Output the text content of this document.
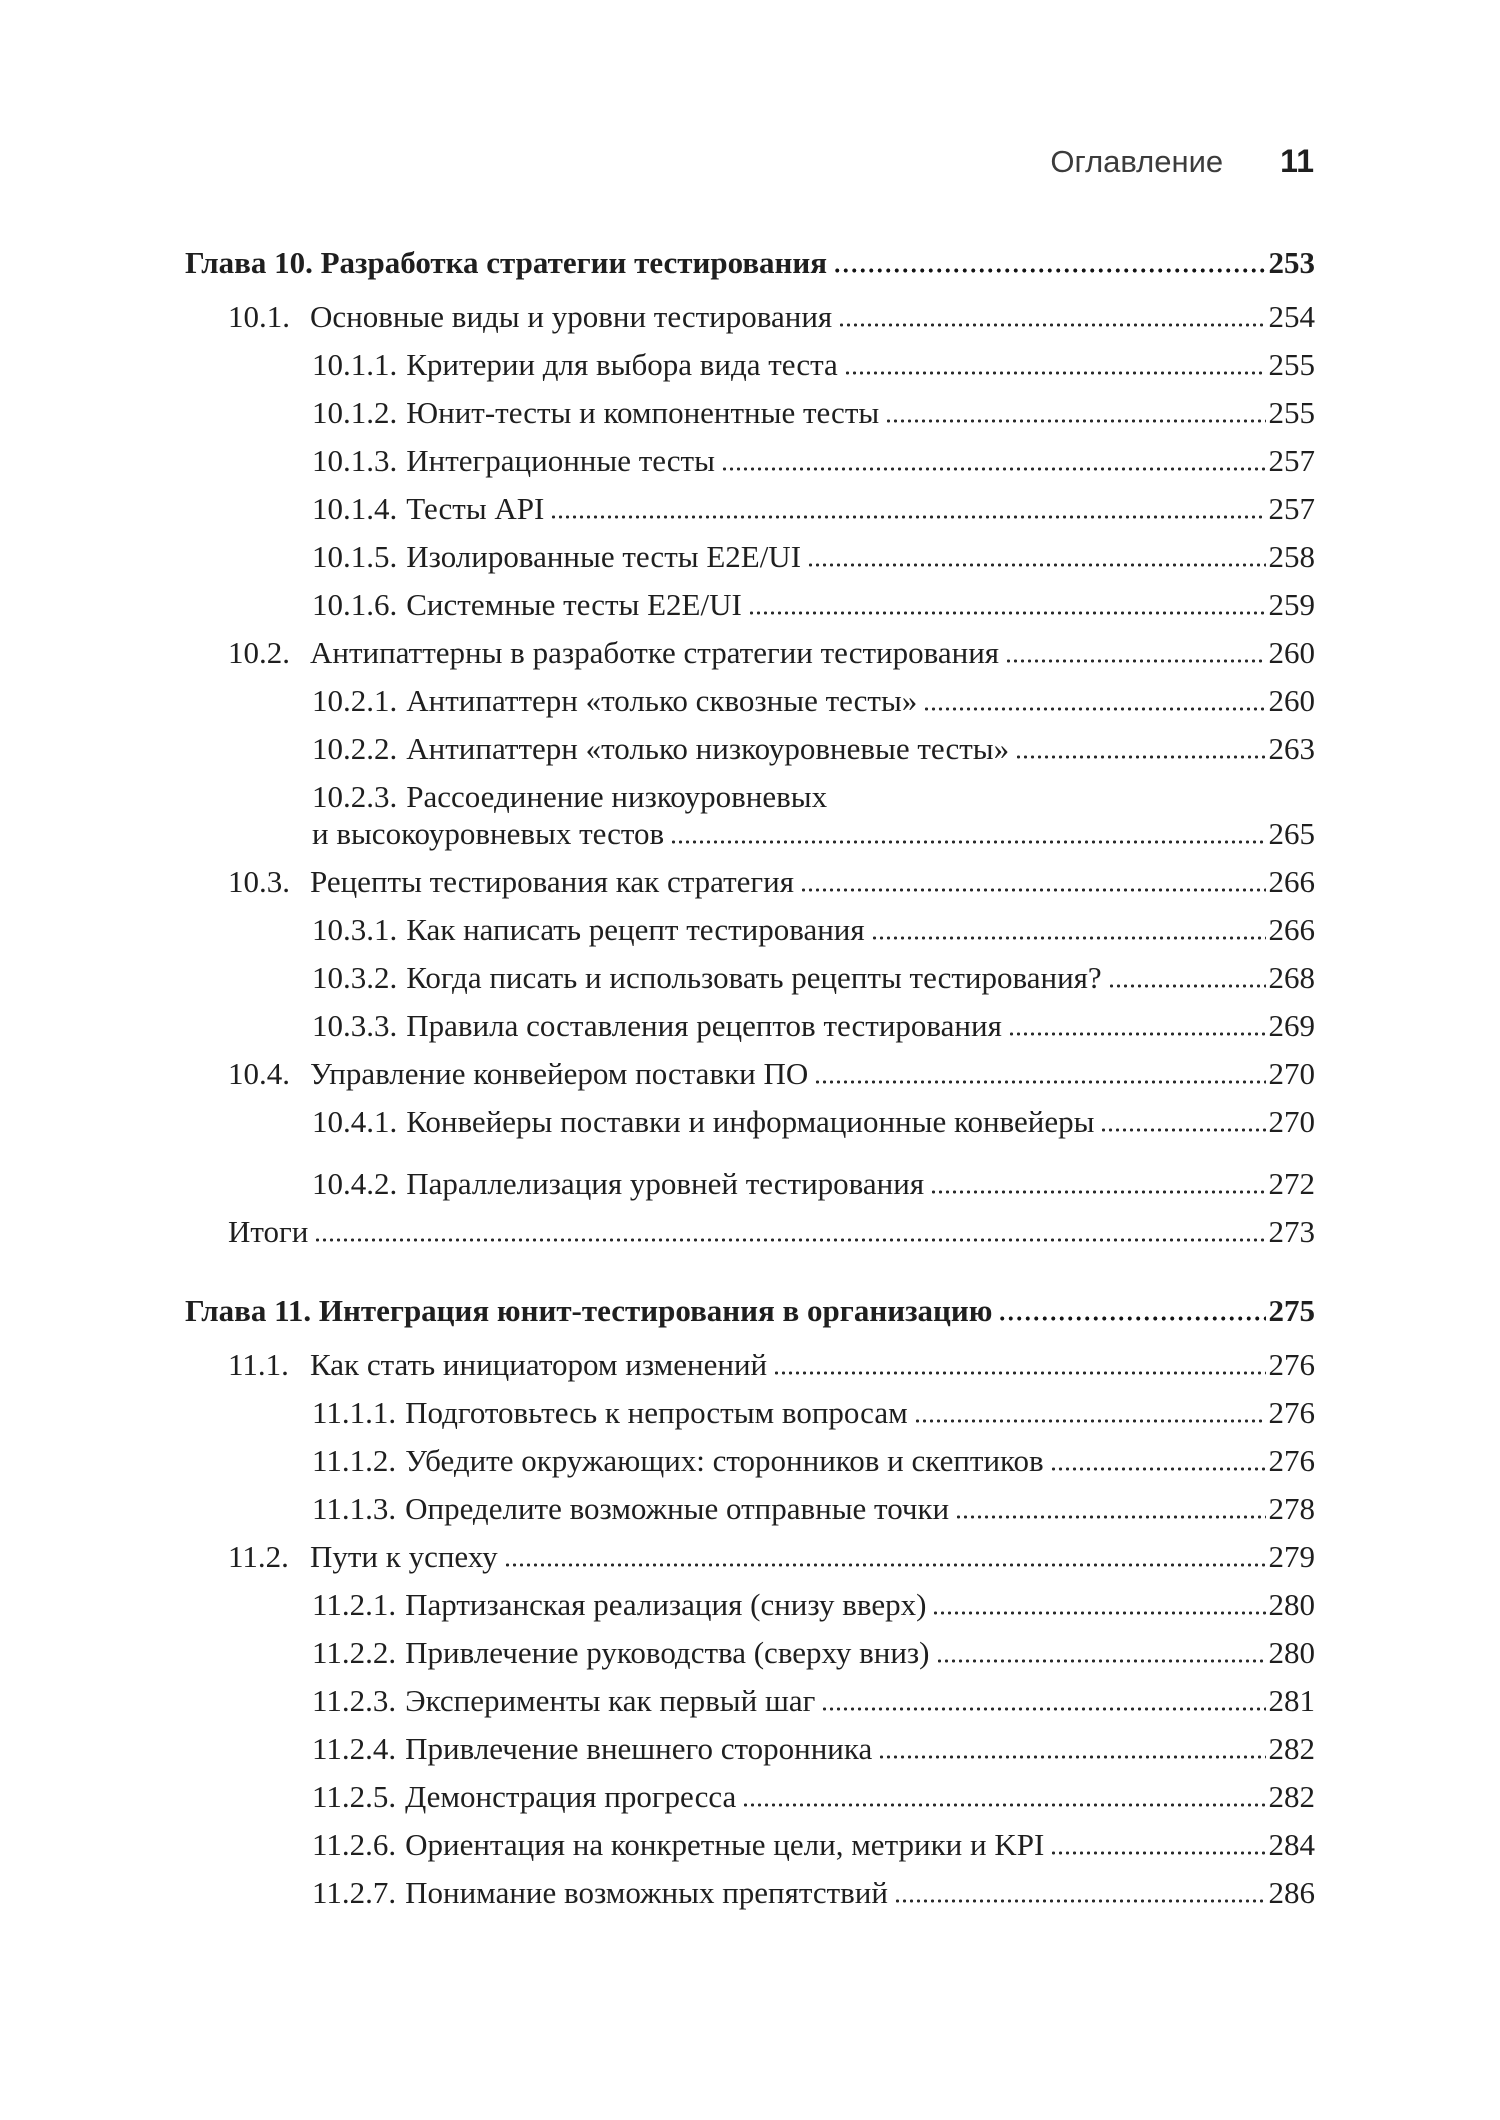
Оглавление 11
Глава 10. Разработка стратегии тестирования	253
10.1. Основные виды и уровни тестирования	254
10.1.1. Критерии для выбора вида теста	255
10.1.2. Юнит-тесты и компонентные тесты	255
10.1.3. Интеграционные тесты	257
10.1.4. Тесты API	257
10.1.5. Изолированные тесты E2E/UI	258
10.1.6. Системные тесты E2E/UI	259
10.2. Антипаттерны в разработке стратегии тестирования	260
10.2.1. Антипаттерн «только сквозные тесты»	260
10.2.2. Антипаттерн «только низкоуровневые тесты»	263
10.2.3. Рассоединение низкоуровневых
и высокоуровневых тестов	265
10.3. Рецепты тестирования как стратегия	266
10.3.1. Как написать рецепт тестирования	266
10.3.2. Когда писать и использовать рецепты тестирования?	268
10.3.3. Правила составления рецептов тестирования	269
10.4. Управление конвейером поставки ПО	270
10.4.1. Конвейеры поставки и информационные конвейеры	270
10.4.2. Параллелизация уровней тестирования	272
Итоги	273
Глава 11. Интеграция юнит-тестирования в организацию	275
11.1. Как стать инициатором изменений	276
11.1.1. Подготовьтесь к непростым вопросам	276
11.1.2. Убедите окружающих: сторонников и скептиков	276
11.1.3. Определите возможные отправные точки	278
11.2. Пути к успеху	279
11.2.1. Партизанская реализация (снизу вверх)	280
11.2.2. Привлечение руководства (сверху вниз)	280
11.2.3. Эксперименты как первый шаг	281
11.2.4. Привлечение внешнего сторонника	282
11.2.5. Демонстрация прогресса	282
11.2.6. Ориентация на конкретные цели, метрики и KPI	284
11.2.7. Понимание возможных препятствий	286
